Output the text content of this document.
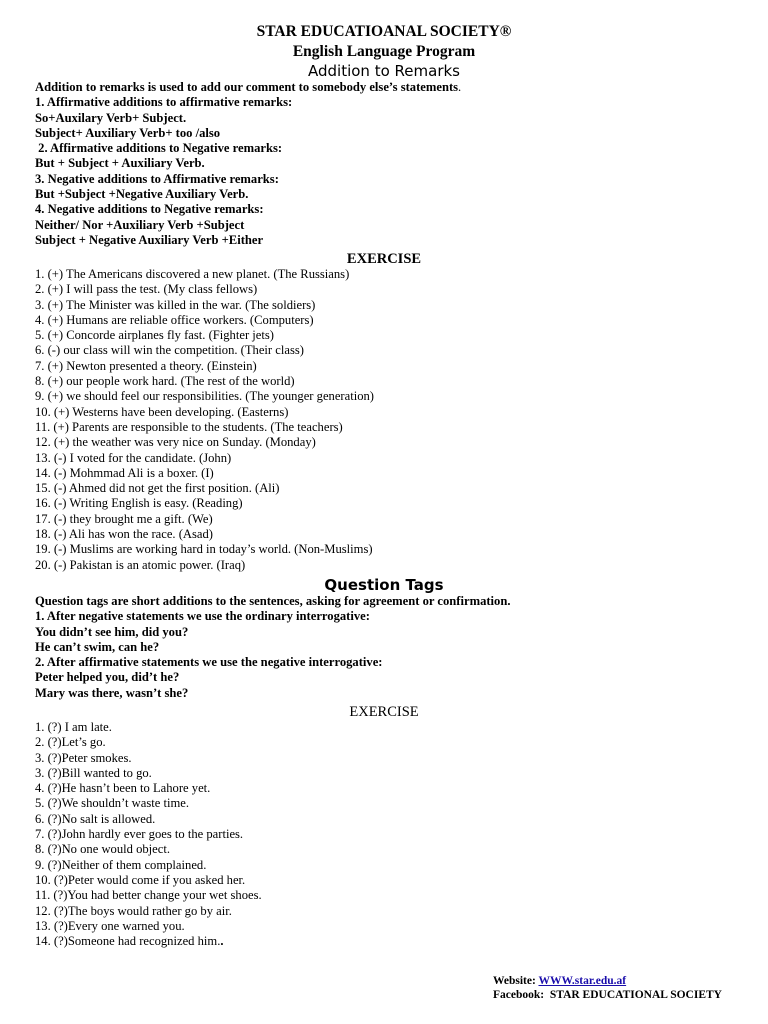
STAR EDUCATIOANAL SOCIETY®
English Language Program
Addition to Remarks
Addition to remarks is used to add our comment to somebody else’s statements.
1. Affirmative additions to affirmative remarks:
So+Auxilary Verb+ Subject.
Subject+ Auxiliary Verb+ too /also
2. Affirmative additions to Negative remarks:
But + Subject + Auxiliary Verb.
3. Negative additions to Affirmative remarks:
But +Subject +Negative Auxiliary Verb.
4. Negative additions to Negative remarks:
Neither/ Nor +Auxiliary Verb +Subject
Subject + Negative Auxiliary Verb +Either
EXERCISE
1. (+) The Americans discovered a new planet. (The Russians)
2. (+) I will pass the test. (My class fellows)
3. (+) The Minister was killed in the war. (The soldiers)
4. (+) Humans are reliable office workers. (Computers)
5. (+) Concorde airplanes fly fast. (Fighter jets)
6. (-) our class will win the competition. (Their class)
7. (+) Newton presented a theory. (Einstein)
8. (+) our people work hard. (The rest of the world)
9. (+) we should feel our responsibilities. (The younger generation)
10. (+) Westerns have been developing. (Easterns)
11. (+) Parents are responsible to the students. (The teachers)
12. (+) the weather was very nice on Sunday. (Monday)
13. (-) I voted for the candidate. (John)
14. (-) Mohmmad Ali is a boxer. (I)
15. (-) Ahmed did not get the first position. (Ali)
16. (-) Writing English is easy. (Reading)
17. (-) they brought me a gift. (We)
18. (-) Ali has won the race. (Asad)
19. (-) Muslims are working hard in today’s world. (Non-Muslims)
20. (-) Pakistan is an atomic power. (Iraq)
Question Tags
Question tags are short additions to the sentences, asking for agreement or confirmation.
1. After negative statements we use the ordinary interrogative:
You didn’t see him, did you?
He can’t swim, can he?
2. After affirmative statements we use the negative interrogative:
Peter helped you, did’t he?
Mary was there, wasn’t she?
EXERCISE
1. (?) I am late.
2. (?)Let’s go.
3. (?)Peter smokes.
3. (?)Bill wanted to go.
4. (?)He hasn’t been to Lahore yet.
5. (?)We shouldn’t waste time.
6. (?)No salt is allowed.
7. (?)John hardly ever goes to the parties.
8. (?)No one would object.
9. (?)Neither of them complained.
10. (?)Peter would come if you asked her.
11. (?)You had better change your wet shoes.
12. (?)The boys would rather go by air.
13. (?)Every one warned you.
14. (?)Someone had recognized him..
Website: WWW.star.edu.af
Facebook:  STAR EDUCATIONAL SOCIETY
